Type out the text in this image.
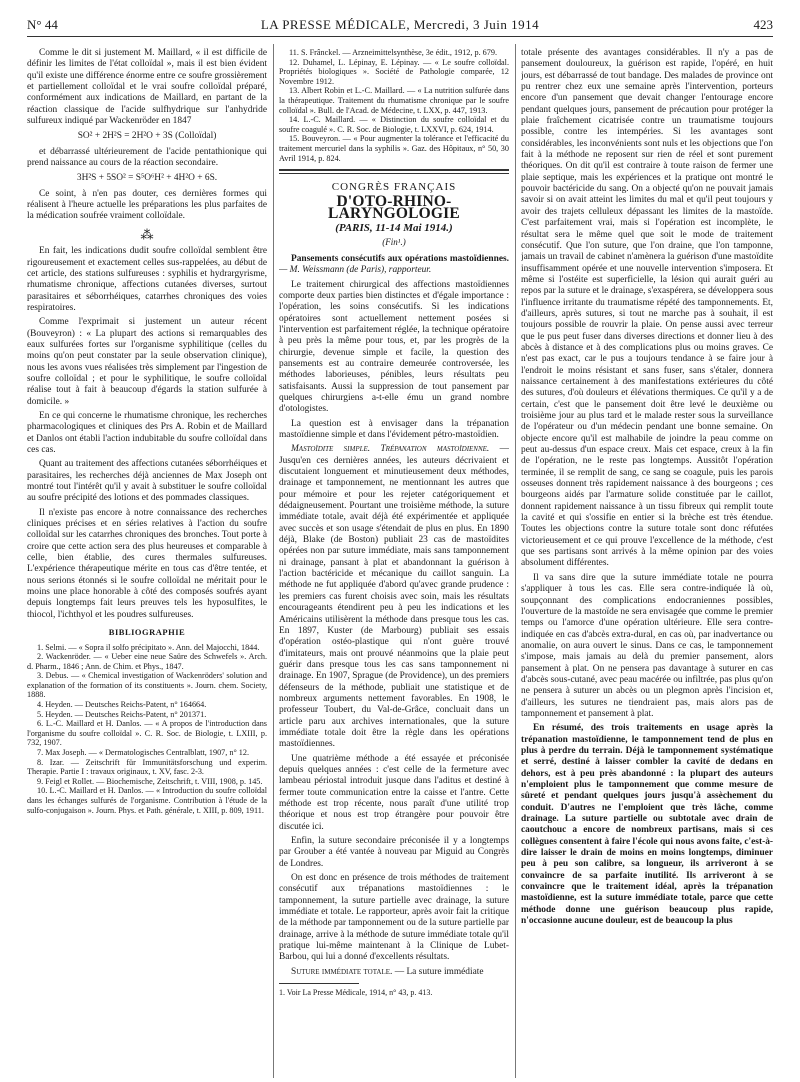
N° 44	LA PRESSE MÉDICALE, Mercredi, 3 Juin 1914	423

Comme le dit si justement M. Maillard, « il est difficile de définir les limites de l'état colloïdal », mais il est bien évident qu'il existe une différence énorme entre ce soufre grossièrement et partiellement colloïdal et le vrai soufre colloïdal préparé, conformément aux indications de Maillard, en partant de la réaction classique de l'acide sulfhydrique sur l'anhydride sulfureux indiqué par Wackenröder en 1847

SO² + 2H²S = 2H²O + 3S (Colloïdal)

et débarrassé ultérieurement de l'acide pentathionique qui prend naissance au cours de la réaction secondaire.

3H²S + 5SO² = S⁵O⁶H² + 4H²O + 6S.

Ce soint, à n'en pas douter, ces dernières formes qui réalisent à l'heure actuelle les préparations les plus parfaites de la médication soufrée vraiment colloïdale.

⁂

En fait, les indications dudit soufre colloïdal semblent être rigoureusement et exactement celles sus-rappelées, au début de cet article, des stations sulfureuses : syphilis et hydrargyrisme, rhumatisme chronique, affections cutanées diverses, surtout parasitaires et séborrhéiques, catarrhes chroniques des voies respiratoires.

Comme l'exprimait si justement un auteur récent (Bouveyron) : « La plupart des actions si remarquables des eaux sulfurées fortes sur l'organisme syphilitique (celles du moins qu'on peut constater par la seule observation clinique), nous les avons vues réalisées très simplement par l'ingestion de soufre colloïdal ; et pour le syphilitique, le soufre colloïdal réalise tout à fait à beaucoup d'égards la station sulfurée à domicile. »

En ce qui concerne le rhumatisme chronique, les recherches pharmacologiques et cliniques des Prs A. Robin et de Maillard et Danlos ont établi l'action indubitable du soufre colloïdal dans ces cas.

Quant au traitement des affections cutanées séborrhéiques et parasitaires, les recherches déjà anciennes de Max Joseph ont montré tout l'intérêt qu'il y avait à substituer le soufre colloïdal au soufre précipité des lotions et des pommades classiques.

Il n'existe pas encore à notre connaissance des recherches cliniques précises et en séries relatives à l'action du soufre colloïdal sur les catarrhes chroniques des bronches. Tout porte à croire que cette action sera des plus heureuses et comparable à celle, bien établie, des cures thermales sulfureuses. L'expérience thérapeutique mérite en tous cas d'être tentée, et nous serions étonnés si le soufre colloïdal ne méritait pour le moins une place honorable à côté des composés soufrés ayant depuis longtemps fait leurs preuves tels les hyposulfites, le thiocol, l'ichthyol et les poudres sulfureuses.

BIBLIOGRAPHIE

1. Selmi. — « Sopra il solfo précipitato ». Ann. del Majocchi, 1844.

2. Wackenröder. — « Ueber eine neue Saüre des Schwefels ». Arch. d. Pharm., 1846 ; Ann. de Chim. et Phys., 1847.

3. Debus. — « Chemical investigation of Wackenröders' solution and explanation of the formation of its constituents ». Journ. chem. Society, 1888.

4. Heyden. — Deutsches Reichs-Patent, n° 164664.

5. Heyden. — Deutsches Reichs-Patent, n° 201371.

6. L.-C. Maillard et H. Danlos. — « A propos de l'introduction dans l'organisme du soufre colloïdal ». C. R. Soc. de Biologie, t. LXIII, p. 732, 1907.

7. Max Joseph. — « Dermatologisches Centralblatt, 1907, n° 12.

8. Izar. — Zeitschrift für Immunitätsforschung und experim. Therapie. Partie I : travaux originaux, t. XV, fasc. 2-3.

9. Feigl et Rollet. — Biochemische, Zeitschrift, t. VIII, 1908, p. 145.

10. L.-C. Maillard et H. Danlos. — « Introduction du soufre colloïdal dans les échanges sulfurés de l'organisme. Contribution à l'étude de la sulfo-conjugaison ». Journ. Phys. et Path. générale, t. XIII, p. 809, 1911.

11. S. Frânckel. — Arzneimittelsynthèse, 3e édit., 1912, p. 679.

12. Duhamel, L. Lépinay, E. Lépinay. — « Le soufre colloïdal. Propriétés biologiques ». Société de Pathologie comparée, 12 Novembre 1912.

13. Albert Robin et L.-C. Maillard. — « La nutrition sulfurée dans la thérapeutique. Traitement du rhumatisme chronique par le soufre colloïdal ». Bull. de l'Acad. de Médecine, t. LXX, p. 447, 1913.

14. L.-C. Maillard. — « Distinction du soufre colloïdal et du soufre coagulé ». C. R. Soc. de Biologie, t. LXXVI, p. 624, 1914.

15. Bouveyron. — « Pour augmenter la tolérance et l'efficacité du traitement mercuriel dans la syphilis ». Gaz. des Hôpitaux, n° 50, 30 Avril 1914, p. 824.

CONGRÈS FRANÇAIS
D'OTO-RHINO-LARYNGOLOGIE
(PARIS, 11-14 Mai 1914.)
(Fin¹.)

Pansements consécutifs aux opérations mastoïdiennes. — M. Weissmann (de Paris), rapporteur.

Le traitement chirurgical des affections mastoïdiennes comporte deux parties bien distinctes et d'égale importance : l'opération, les soins consécutifs. Si les indications opératoires sont actuellement nettement posées si l'intervention est parfaitement réglée, la technique opératoire à peu près la même pour tous, et, par les progrès de la chirurgie, devenue simple et facile, la question des pansements est au contraire demeurée controversée, les méthodes laborieuses, pénibles, leurs résultats peu satisfaisants. Aussi la suppression de tout pansement par quelques chirurgiens a-t-elle ému un grand nombre d'otologistes.

La question est à envisager dans la trépanation mastoïdienne simple et dans l'évidement pétro-mastoïdien.

Mastoïdite simple. Trépanation mastoïdienne. — Jusqu'en ces dernières années, les auteurs décrivaient et discutaient longuement et minutieusement deux méthodes, drainage et tamponnement, ne mentionnant les autres que pour mémoire et pour les rejeter catégoriquement et dédaigneusement. Pourtant une troisième méthode, la suture immédiate totale, avait déjà été expérimentée et appliquée avec succès et son usage s'étendait de plus en plus. En 1890 déjà, Blake (de Boston) publiait 23 cas de mastoïdites opérées non par suture immédiate, mais sans tamponnement ni drainage, pansant à plat et abandonnant la guérison à l'action bactéricide et mécanique du caillot sanguin. La méthode ne fut appliquée d'abord qu'avec grande prudence : les premiers cas furent choisis avec soin, mais les résultats encourageants étendirent peu à peu les indications et les Américains utilisèrent la méthode dans presque tous les cas. En 1897, Kuster (de Marbourg) publiait ses essais d'opération ostéo-plastique qui n'ont guère trouvé d'imitateurs, mais ont prouvé néanmoins que la plaie peut guérir dans presque tous les cas sans tamponnement ni drainage. En 1907, Sprague (de Providence), un des premiers défenseurs de la méthode, publiait une statistique et de nombreux arguments nettement favorables. En 1908, le professeur Toubert, du Val-de-Grâce, concluait dans un article paru aux archives internationales, que la suture immédiate totale doit être la règle dans les opérations mastoïdiennes.

Une quatrième méthode a été essayée et préconisée depuis quelques années : c'est celle de la fermeture avec lambeau périostal introduit jusque dans l'aditus et destiné à fermer toute communication entre la caisse et l'antre. Cette méthode est trop récente, nous paraît d'une utilité trop théorique et nous est trop étrangère pour pouvoir être discutée ici.

Enfin, la suture secondaire préconisée il y a longtemps par Grouber a été vantée à nouveau par Miguid au Congrès de Londres.

On est donc en présence de trois méthodes de traitement consécutif aux trépanations mastoïdiennes : le tamponnement, la suture partielle avec drainage, la suture immédiate et totale. Le rapporteur, après avoir fait la critique de la méthode par tamponnement ou de la suture partielle par drainage, arrive à la méthode de suture immédiate totale qu'il pratique lui-même maintenant à la Clinique de Lubet-Barbou, qui lui a donné d'excellents résultats.

Suture immédiate totale. — La suture immédiate

1. Voir La Presse Médicale, 1914, n° 43, p. 413.

totale présente des avantages considérables. Il n'y a pas de pansement douloureux, la guérison est rapide, l'opéré, en huit jours, est débarrassé de tout bandage. Des malades de province ont pu rentrer chez eux une semaine après l'intervention, porteurs encore d'un pansement que devait changer l'entourage encore pendant quelques jours, pansement de précaution pour protéger la plaie fraîchement cicatrisée contre un traumatisme toujours possible, contre les intempéries. Si les avantages sont considérables, les inconvénients sont nuls et les objections que l'on fait à la méthode ne reposent sur rien de réel et sont purement théoriques. On dit qu'il est contraire à toute raison de fermer une plaie septique, mais les expériences et la pratique ont montré le pouvoir bactéricide du sang. On a objecté qu'on ne pouvait jamais savoir si on avait atteint les limites du mal et qu'il peut toujours y avoir des trajets celluleux dépassant les limites de la mastoïde. C'est parfaitement vrai, mais si l'opération est incomplète, le résultat sera le même quel que soit le mode de traitement consécutif. Que l'on suture, que l'on draine, que l'on tamponne, jamais un travail de cabinet n'amènera la guérison d'une mastoïdite insuffisamment opérée et une nouvelle intervention s'imposera. Et même si l'ostéite est superficielle, la lésion qui aurait guéri au repos par la suture et le drainage, s'exaspérera, se développera sous l'influence irritante du traumatisme répété des tamponnements. Et, d'ailleurs, après sutures, si tout ne marche pas à souhait, il est toujours possible de rouvrir la plaie. On pense aussi avec terreur que le pus peut fuser dans diverses directions et donner lieu à des abcès à distance et à des complications plus ou moins graves. Ce n'est pas exact, car le pus a toujours tendance à se faire jour à l'endroit le moins résistant et sans fuser, sans s'étaler, donnera naissance certainement à des manifestations extérieures du côté des sutures, d'où douleurs et élévations thermiques. Ce qu'il y a de certain, c'est que le pansement doit être levé le deuxième ou troisième jour au plus tard et le malade rester sous la surveillance de l'opérateur ou d'un médecin pendant une bonne semaine. On objecte encore qu'il est malhabile de joindre la peau comme on peut au-dessus d'un espace creux. Mais cet espace, creux à la fin de l'opération, ne le reste pas longtemps. Aussitôt l'opération terminée, il se remplit de sang, ce sang se coagule, puis les parois osseuses donnent très rapidement naissance à des bourgeons ; ces bourgeons aidés par l'armature solide constituée par le caillot, donnent rapidement naissance à un tissu fibreux qui remplit toute la cavité et qui s'ossifie en entier si la brèche est très étendue. Toutes les objections contre la suture totale sont donc réfutées victorieusement et ce qui prouve l'excellence de la méthode, c'est que ses partisans sont arrivés à la même opinion par des voies absolument différentes.

Il va sans dire que la suture immédiate totale ne pourra s'appliquer à tous les cas. Elle sera contre-indiquée là où, soupçonnant des complications endocraniennes possibles, l'ouverture de la mastoïde ne sera envisagée que comme le premier temps ou l'amorce d'une opération ultérieure. Elle sera contre-indiquée en cas d'abcès extra-dural, en cas où, par inadvertance ou anomalie, on aura ouvert le sinus. Dans ce cas, le tamponnement s'impose, mais jamais au delà du premier pansement, alors pansement à plat. On ne pensera pas davantage à suturer en cas d'abcès sous-cutané, avec peau macérée ou infiltrée, pas plus qu'on ne pensera à suturer un abcès ou un plegmon après l'incision et, d'ailleurs, les sutures ne tiendraient pas, mais alors pas de tamponnement et pansement à plat.

En résumé, des trois traitements en usage après la trépanation mastoïdienne, le tamponnement tend de plus en plus à perdre du terrain. Déjà le tamponnement systématique et serré, destiné à laisser combler la cavité de dedans en dehors, est à peu près abandonné : la plupart des auteurs n'emploient plus le tamponnement que comme mesure de sûreté et pendant quelques jours jusqu'à assèchement du conduit. D'autres ne l'emploient que très lâche, comme drainage. La suture partielle ou subtotale avec drain de caoutchouc a encore de nombreux partisans, mais si ces collègues consentent à faire l'école qui nous avons faite, c'est-à-dire laisser le drain de moins en moins longtemps, diminuer peu à peu son calibre, sa longueur, ils arriveront à se convaincre de sa parfaite inutilité. Ils arriveront à se convaincre que le traitement idéal, après la trépanation mastoïdienne, est la suture immédiate totale, parce que cette méthode donne une guérison beaucoup plus rapide, n'occasionne aucune douleur, est de beaucoup la plus
